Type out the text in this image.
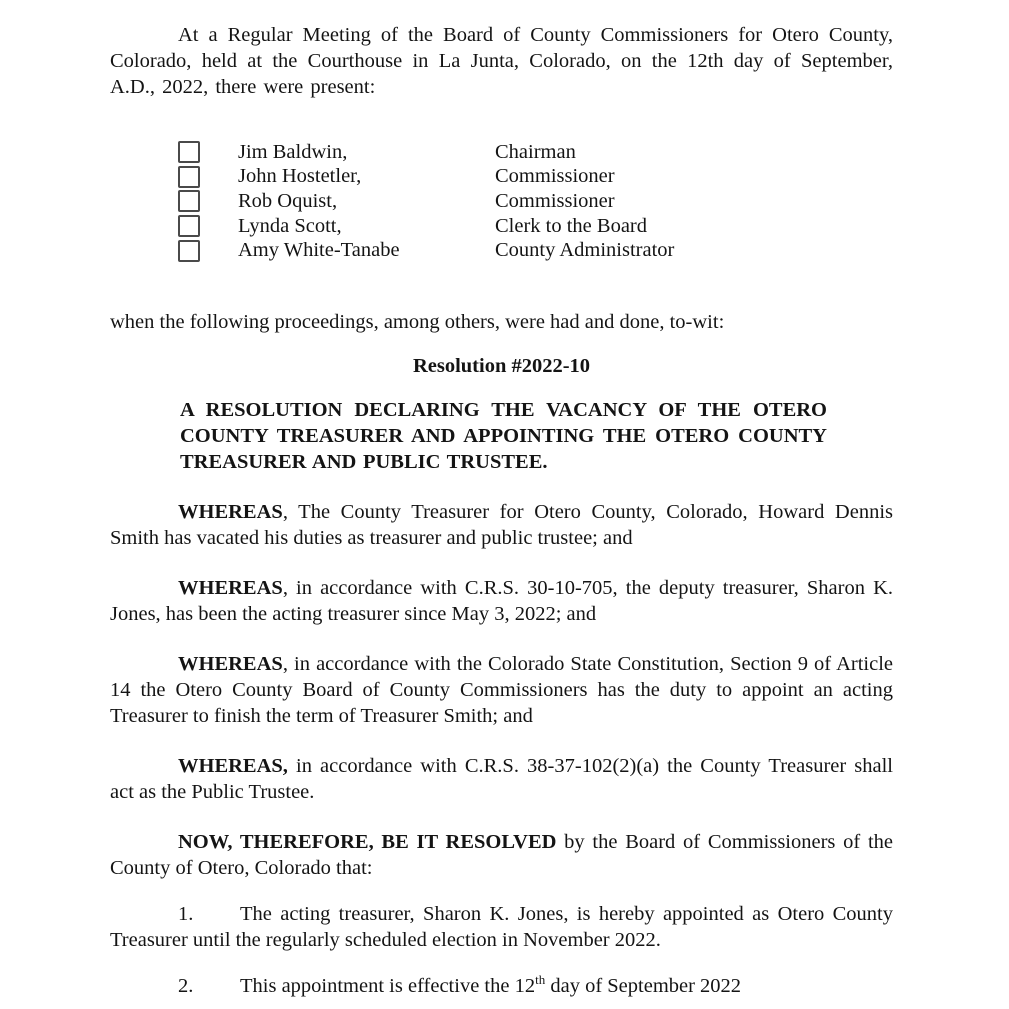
At a Regular Meeting of the Board of County Commissioners for Otero County, Colorado, held at the Courthouse in La Junta, Colorado, on the 12th day of September, A.D., 2022, there were present:

Jim Baldwin,	Chairman
John Hostetler,	Commissioner
Rob Oquist,	Commissioner
Lynda Scott,	Clerk to the Board
Amy White-Tanabe	County Administrator

when the following proceedings, among others, were had and done, to-wit:

Resolution #2022-10

A RESOLUTION DECLARING THE VACANCY OF THE OTERO COUNTY TREASURER AND APPOINTING THE OTERO COUNTY TREASURER AND PUBLIC TRUSTEE.

WHEREAS, The County Treasurer for Otero County, Colorado, Howard Dennis Smith has vacated his duties as treasurer and public trustee; and

WHEREAS, in accordance with C.R.S. 30-10-705, the deputy treasurer, Sharon K. Jones, has been the acting treasurer since May 3, 2022; and

WHEREAS, in accordance with the Colorado State Constitution, Section 9 of Article 14 the Otero County Board of County Commissioners has the duty to appoint an acting Treasurer to finish the term of Treasurer Smith; and

WHEREAS, in accordance with C.R.S. 38-37-102(2)(a) the County Treasurer shall act as the Public Trustee.

NOW, THEREFORE, BE IT RESOLVED by the Board of Commissioners of the County of Otero, Colorado that:

1. The acting treasurer, Sharon K. Jones, is hereby appointed as Otero County Treasurer until the regularly scheduled election in November 2022.

2. This appointment is effective the 12th day of September 2022
